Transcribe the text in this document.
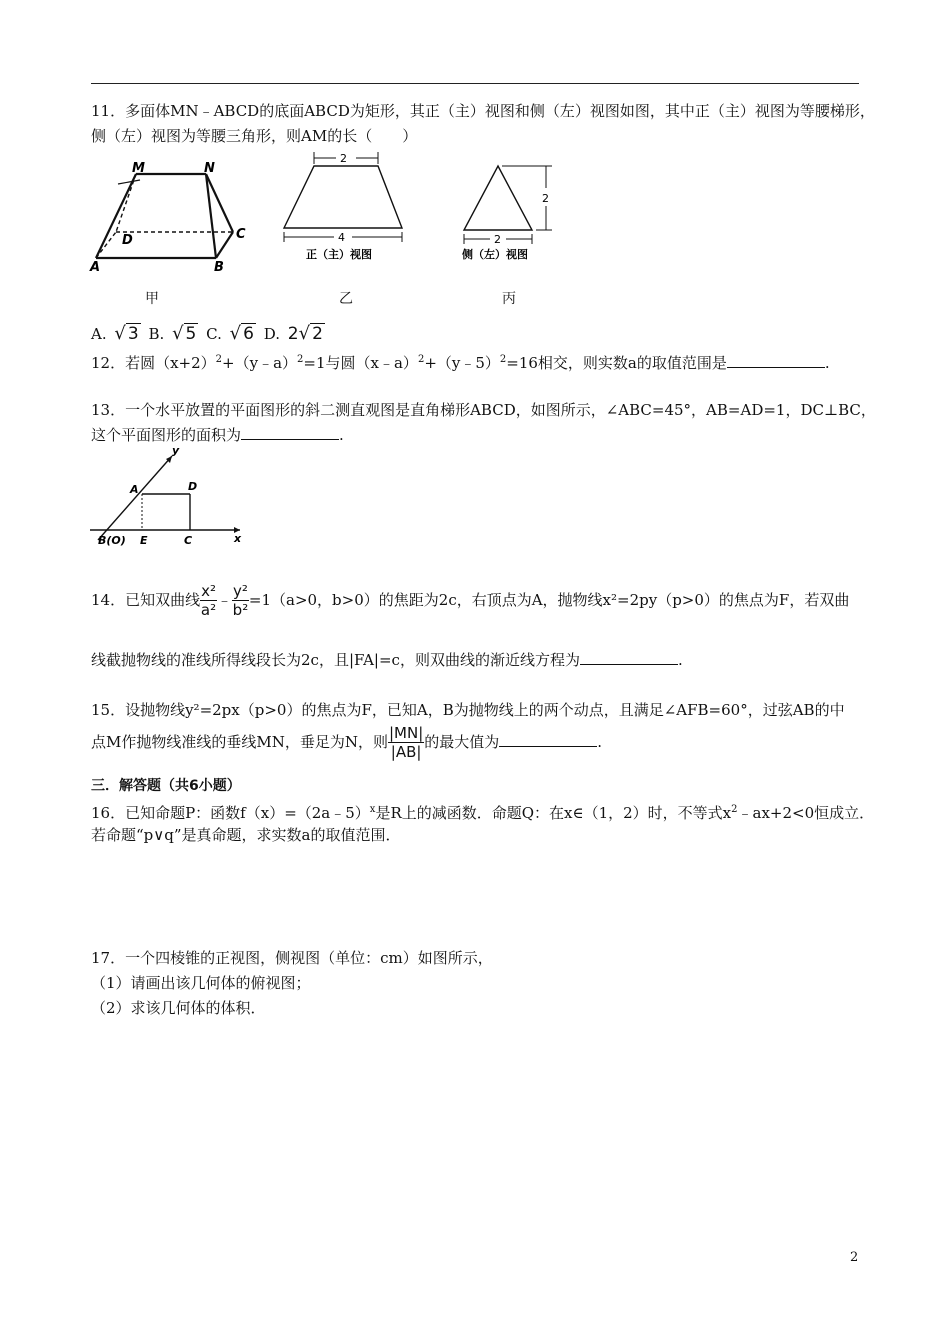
11．多面体MN﹣ABCD的底面ABCD为矩形，其正（主）视图和侧（左）视图如图，其中正（主）视图为等腰梯形，
侧（左）视图为等腰三角形，则AM的长（　　）
M	N
D	C
A	B
甲
2
4
正（主）视图
乙
2
2
侧（左）视图
丙
A. √ 3 B. √ 5 C. √ 6 D. 2√ 2
12．若圆$(x+2)^2+(y﹣a)^2=1$与圆（x﹣a）$^2$+（y﹣5）$^2$=16相交，则实数a的取值范围是	.
13．一个水平放置的平面图形的斜二测直观图是直角梯形ABCD，如图所示，∠ABC=45°，AB=AD=1，DC⊥BC，
这个平面图形的面积为	.
y
A	D
B(O) E	C	x
14．已知双曲线 $\frac{\text{x²}}{\text{a²}}$ ﹣ $\frac{\text{y²}}{\text{b²}} =1(a>0$，b>0）的焦距为2c，右顶点为A，抛物线x²=2py（p>0）的焦点为F，若双曲
线截抛物线的准线所得线段长为2c，且|FA|=c，则双曲线的渐近线方程为	.
15．设抛物线y²=2px（p>0）的焦点为F，已知A，B为抛物线上的两个动点，且满足∠AFB=60°，过弦AB的中
点M作抛物线准线的垂线MN，垂足为N，则 $\frac{|MN|}{|AB|}$ 的最大值为	.
三．解答题（共6小题）
16．已知命题P：函数f（x）=（2a﹣5）$^x$是R上的减函数．命题Q：在x∈（1，2）时，不等式$x^2﹣ax+2<0$恒成立．
若命题“p∨q”是真命题，求实数a的取值范围．
17．一个四棱锥的正视图，侧视图（单位：cm）如图所示，
（1）请画出该几何体的俯视图；
（2）求该几何体的体积．
2
